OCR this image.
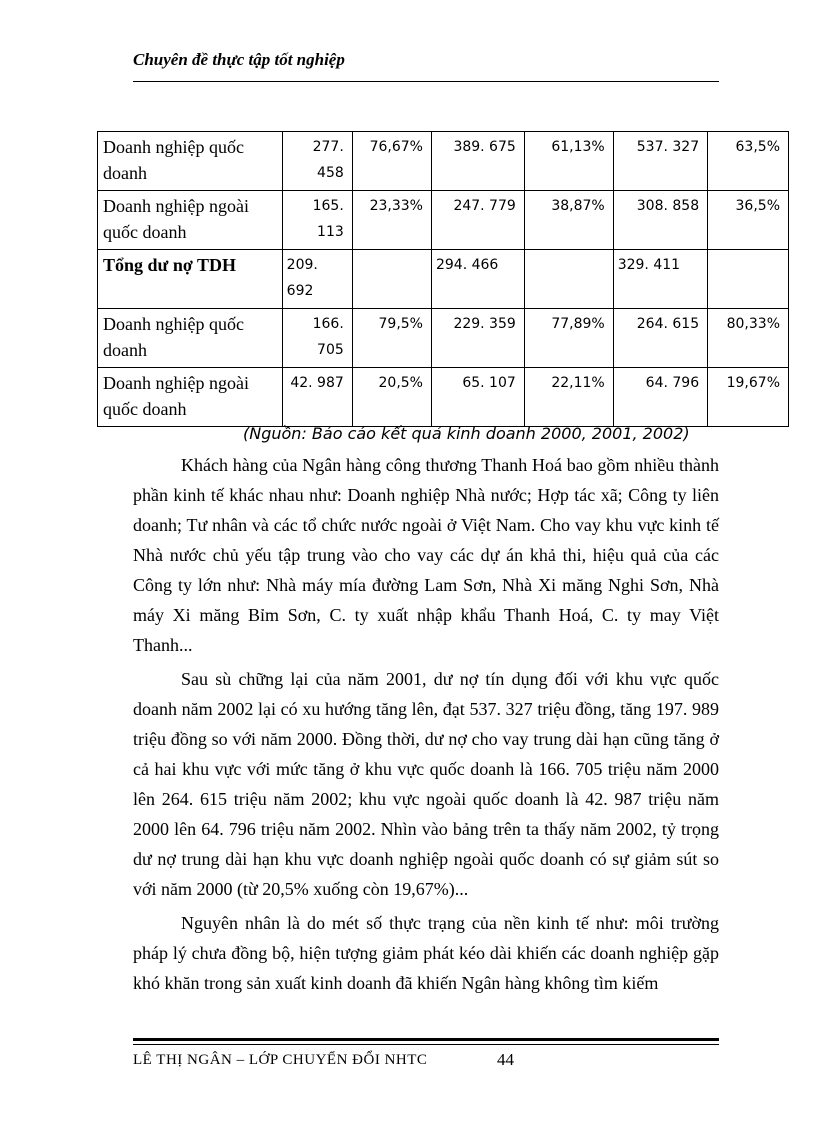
Chuyên đề thực tập tốt nghiệp
Doanh nghiệp quốc doanh	277. 458	76,67%	389. 675	61,13%	537. 327	63,5%
Doanh nghiệp ngoài quốc doanh	165. 113	23,33%	247. 779	38,87%	308. 858	36,5%
Tổng dư nợ TDH	209. 692		294. 466		329. 411	
Doanh nghiệp quốc doanh	166. 705	79,5%	229. 359	77,89%	264. 615	80,33%
Doanh nghiệp ngoài quốc doanh	42. 987	20,5%	65. 107	22,11%	64. 796	19,67%
(Nguồn: Báo cáo kết quả kinh doanh 2000, 2001, 2002)

Khách hàng của Ngân hàng công thương Thanh Hoá bao gồm nhiều thành phần kinh tế khác nhau như: Doanh nghiệp Nhà nước; Hợp tác xã; Công ty liên doanh; Tư nhân và các tổ chức nước ngoài ở Việt Nam. Cho vay khu vực kinh tế Nhà nước chủ yếu tập trung vào cho vay các dự án khả thi, hiệu quả của các Công ty lớn như: Nhà máy mía đường Lam Sơn, Nhà Xi măng Nghi Sơn, Nhà máy Xi măng Bỉm Sơn, C. ty xuất nhập khẩu Thanh Hoá, C. ty may Việt Thanh...

Sau sù chững lại của năm 2001, dư nợ tín dụng đối với khu vực quốc doanh năm 2002 lại có xu hướng tăng lên, đạt 537. 327 triệu đồng, tăng 197. 989 triệu đồng so với năm 2000. Đồng thời, dư nợ cho vay trung dài hạn cũng tăng ở cả hai khu vực với mức tăng ở khu vực quốc doanh là 166. 705 triệu năm 2000 lên 264. 615 triệu năm 2002; khu vực ngoài quốc doanh là 42. 987 triệu năm 2000 lên 64. 796 triệu năm 2002. Nhìn vào bảng trên ta thấy năm 2002, tỷ trọng dư nợ trung dài hạn khu vực doanh nghiệp ngoài quốc doanh có sự giảm sút so với năm 2000 (từ 20,5% xuống còn 19,67%)...

Nguyên nhân là do mét số thực trạng của nền kinh tế như: môi trường pháp lý chưa đồng bộ, hiện tượng giảm phát kéo dài khiến các doanh nghiệp gặp khó khăn trong sản xuất kinh doanh đã khiến Ngân hàng không tìm kiếm

LÊ THỊ NGÂN – LỚP CHUYỂN ĐỔI NHTC	44
